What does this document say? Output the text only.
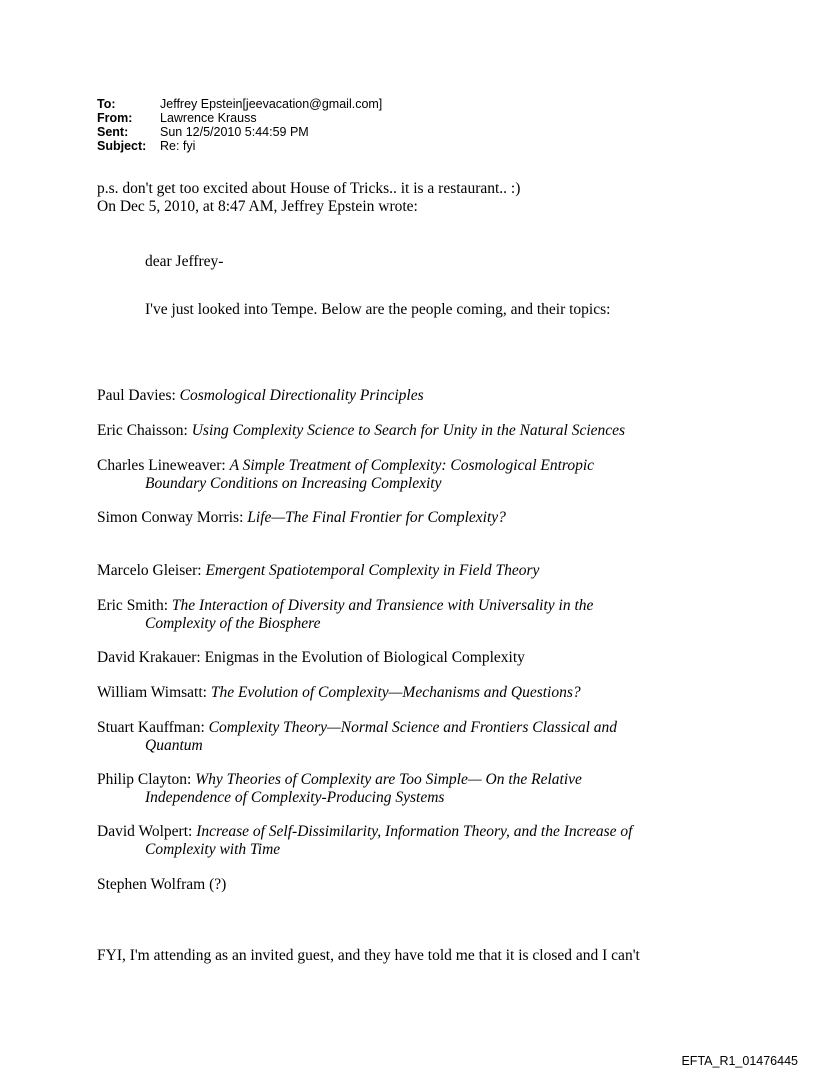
To:	Jeffrey Epstein[jeevacation@gmail.com]
From:	Lawrence Krauss
Sent:	Sun 12/5/2010 5:44:59 PM
Subject:	Re: fyi
p.s. don't get too excited about House of Tricks.. it is a restaurant.. :)
On Dec 5, 2010, at 8:47 AM, Jeffrey Epstein wrote:
dear Jeffrey-
I've just looked into Tempe. Below are the people coming, and their topics:
Paul Davies: Cosmological Directionality Principles
Eric Chaisson: Using Complexity Science to Search for Unity in the Natural Sciences
Charles Lineweaver: A Simple Treatment of Complexity: Cosmological Entropic
Boundary Conditions on Increasing Complexity
Simon Conway Morris: Life—The Final Frontier for Complexity?
Marcelo Gleiser: Emergent Spatiotemporal Complexity in Field Theory
Eric Smith: The Interaction of Diversity and Transience with Universality in the
Complexity of the Biosphere
David Krakauer: Enigmas in the Evolution of Biological Complexity
William Wimsatt: The Evolution of Complexity—Mechanisms and Questions?
Stuart Kauffman: Complexity Theory—Normal Science and Frontiers Classical and
Quantum
Philip Clayton: Why Theories of Complexity are Too Simple— On the Relative
Independence of Complexity-Producing Systems
David Wolpert: Increase of Self-Dissimilarity, Information Theory, and the Increase of
Complexity with Time
Stephen Wolfram (?)
FYI, I'm attending as an invited guest, and they have told me that it is closed and I can't
EFTA_R1_01476445
